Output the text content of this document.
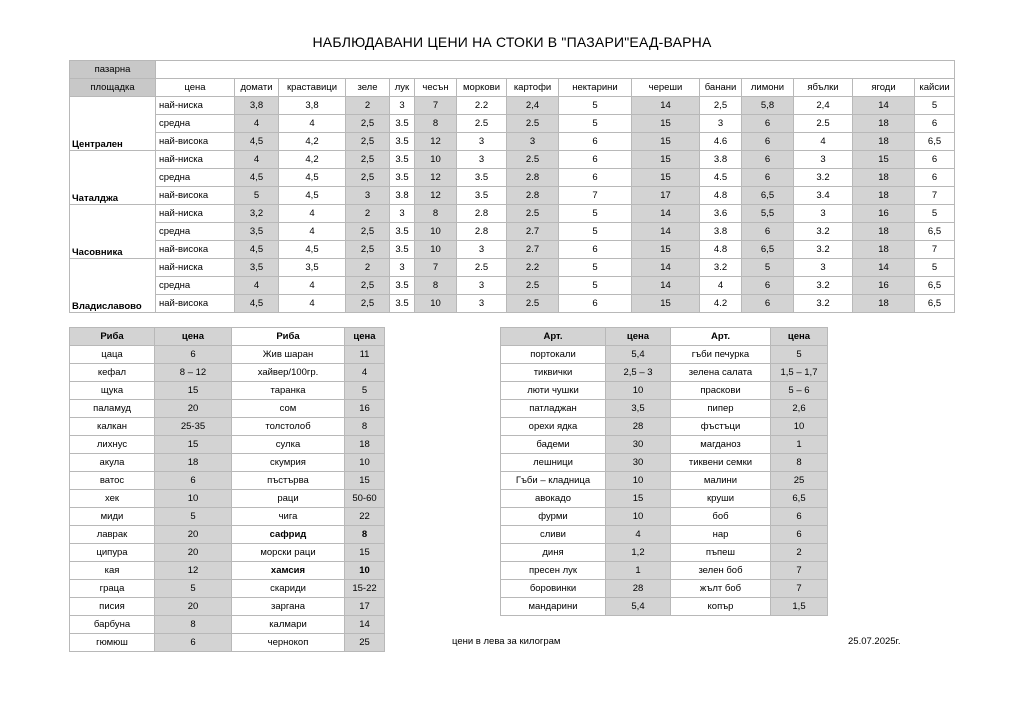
НАБЛЮДАВАНИ ЦЕНИ НА СТОКИ В "ПАЗАРИ"ЕАД-ВАРНА
пазарна															
площадка	цена	домати	краставици	зеле	лук	чесън	моркови	картофи	нектарини	череши	банани	лимони	ябълки	ягоди	кайсии
Централен	най-ниска	3,8	3,8	2	3	7	2.2	2,4	5	14	2,5	5,8	2,4	14	5
	средна	4	4	2,5	3.5	8	2.5	2.5	5	15	3	6	2.5	18	6
	най-висока	4,5	4,2	2,5	3.5	12	3	3	6	15	4.6	6	4	18	6,5
Чаталджа	най-ниска	4	4,2	2,5	3.5	10	3	2.5	6	15	3.8	6	3	15	6
	средна	4,5	4,5	2,5	3.5	12	3.5	2.8	6	15	4.5	6	3.2	18	6
	най-висока	5	4,5	3	3.8	12	3.5	2.8	7	17	4.8	6,5	3.4	18	7
Часовника	най-ниска	3,2	4	2	3	8	2.8	2.5	5	14	3.6	5,5	3	16	5
	средна	3,5	4	2,5	3.5	10	2.8	2.7	5	14	3.8	6	3.2	18	6,5
	най-висока	4,5	4,5	2,5	3.5	10	3	2.7	6	15	4.8	6,5	3.2	18	7
Владиславово	най-ниска	3,5	3,5	2	3	7	2.5	2.2	5	14	3.2	5	3	14	5
	средна	4	4	2,5	3.5	8	3	2.5	5	14	4	6	3.2	16	6,5
	най-висока	4,5	4	2,5	3.5	10	3	2.5	6	15	4.2	6	3.2	18	6,5
Риба	цена	Риба	цена
цаца	6	Жив шаран	11
кефал	8 – 12	хайвер/100гр.	4
щука	15	таранка	5
паламуд	20	сом	16
калкан	25-35	толстолоб	8
лихнус	15	сулка	18
акула	18	скумрия	10
ватос	6	пъстърва	15
хек	10	раци	50-60
миди	5	чига	22
лаврак	20	сафрид	8
ципура	20	морски раци	15
кая	12	хамсия	10
граца	5	скариди	15-22
писия	20	заргана	17
барбуна	8	калмари	14
гюмюш	6	чернокоп	25
Арт.	цена	Арт.	цена
портокали	5,4	гъби печурка	5
тиквички	2,5 – 3	зелена салата	1,5 – 1,7
люти чушки	10	праскови	5 – 6
патладжан	3,5	пипер	2,6
орехи ядка	28	фъстъци	10
бадеми	30	магданоз	1
лешници	30	тиквени семки	8
Гъби – кладница	10	малини	25
авокадо	15	круши	6,5
фурми	10	боб	6
сливи	4	нар	6
диня	1,2	пъпеш	2
пресен лук	1	зелен боб	7
боровинки	28	жълт боб	7
мандарини	5,4	копър	1,5
цени в лева за килограм	25.07.2025г.
